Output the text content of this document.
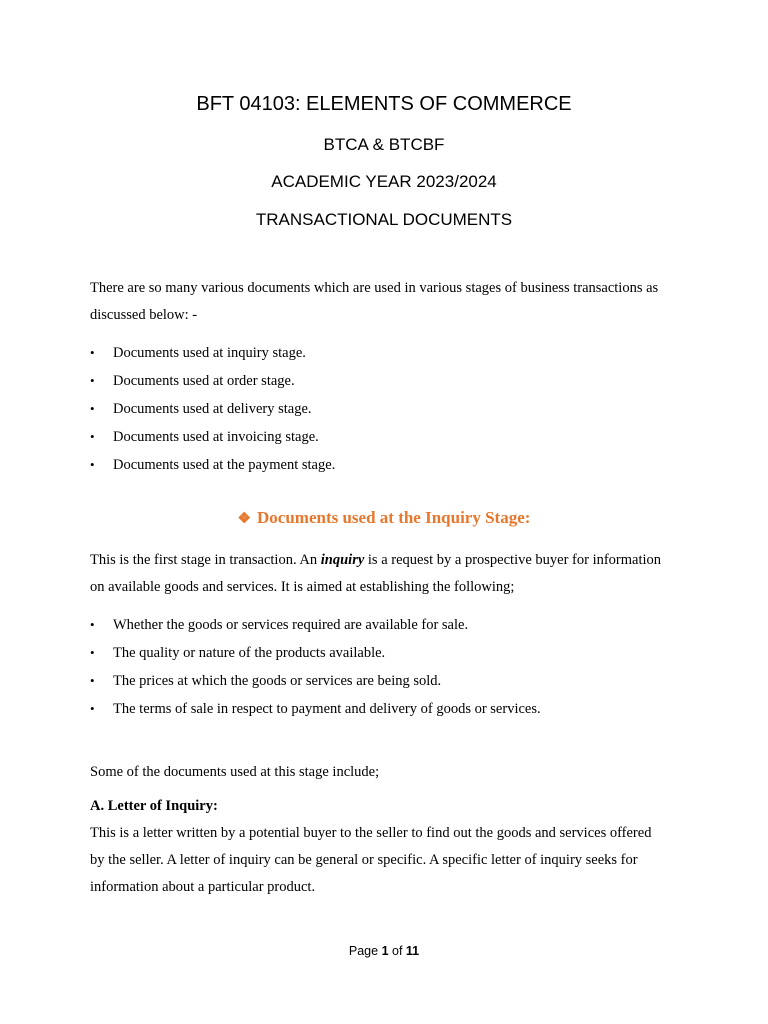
BFT 04103: ELEMENTS OF COMMERCE
BTCA & BTCBF
ACADEMIC YEAR 2023/2024
TRANSACTIONAL DOCUMENTS
There are so many various documents which are used in various stages of business transactions as
discussed below: -
• Documents used at inquiry stage.
• Documents used at order stage.
• Documents used at delivery stage.
• Documents used at invoicing stage.
• Documents used at the payment stage.
❖ Documents used at the Inquiry Stage:
This is the first stage in transaction. An inquiry is a request by a prospective buyer for information
on available goods and services. It is aimed at establishing the following;
• Whether the goods or services required are available for sale.
• The quality or nature of the products available.
• The prices at which the goods or services are being sold.
• The terms of sale in respect to payment and delivery of goods or services.
Some of the documents used at this stage include;
A. Letter of Inquiry:
This is a letter written by a potential buyer to the seller to find out the goods and services offered
by the seller. A letter of inquiry can be general or specific. A specific letter of inquiry seeks for
information about a particular product.
Page 1 of 11
